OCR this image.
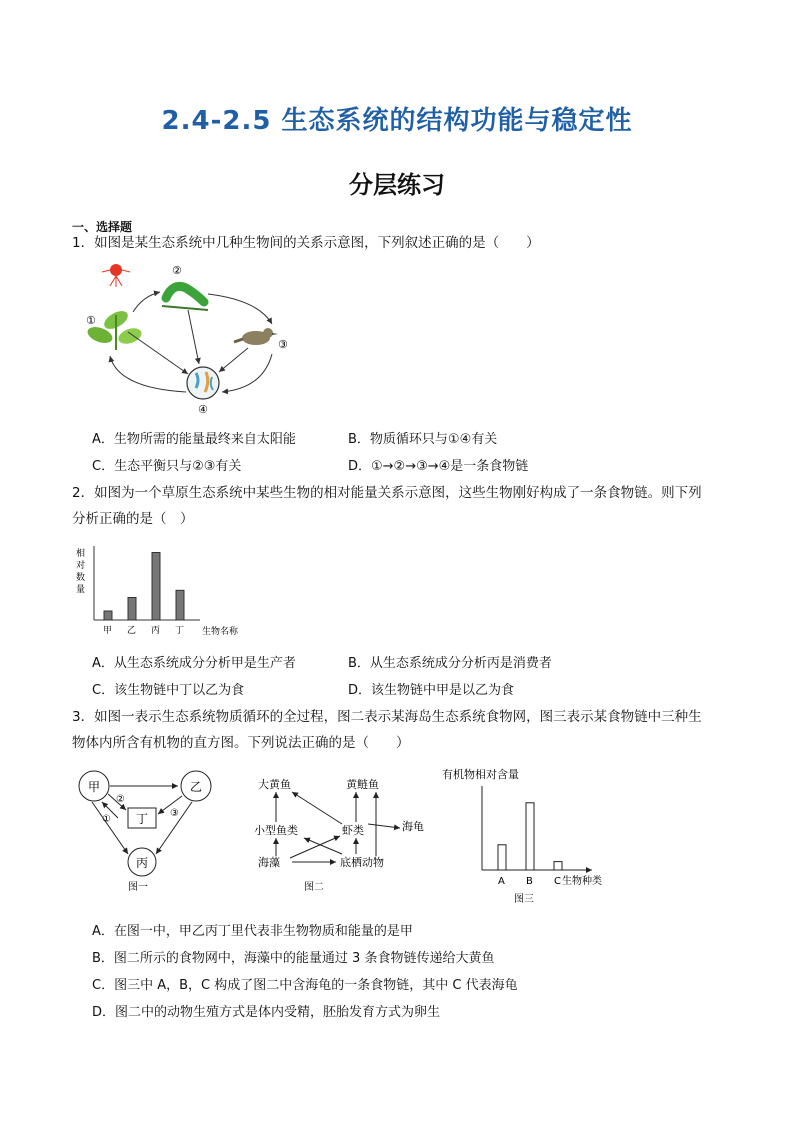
2.4-2.5 生态系统的结构功能与稳定性
分层练习
一、选择题
1．如图是某生态系统中几种生物间的关系示意图，下列叙述正确的是（　　）
②
①
③
④
A．生物所需的能量最终来自太阳能	B．物质循环只与①④有关
C．生态平衡只与②③有关	D．①→②→③→④是一条食物链
2．如图为一个草原生态系统中某些生物的相对能量关系示意图，这些生物刚好构成了一条食物链。则下列
分析正确的是（　）
相
对
数
量
生物名称
甲 乙 丙 丁
A．从生态系统成分分析甲是生产者	B．从生态系统成分分析丙是消费者
C．该生物链中丁以乙为食	D．该生物链中甲是以乙为食
3．如图一表示生态系统物质循环的全过程，图二表示某海岛生态系统食物网，图三表示某食物链中三种生
物体内所含有机物的直方图。下列说法正确的是（　　）
甲	乙
丁
丙
②
①
③
图一
大黄鱼	黄鲢鱼
小型鱼类	虾类	海龟
海藻	底栖动物
图二
有机物相对含量
生物种类
图三
A B C
A．在图一中，甲乙丙丁里代表非生物物质和能量的是甲
B．图二所示的食物网中，海藻中的能量通过 3 条食物链传递给大黄鱼
C．图三中 A，B，C 构成了图二中含海龟的一条食物链，其中 C 代表海龟
D．图二中的动物生殖方式是体内受精，胚胎发育方式为卵生
